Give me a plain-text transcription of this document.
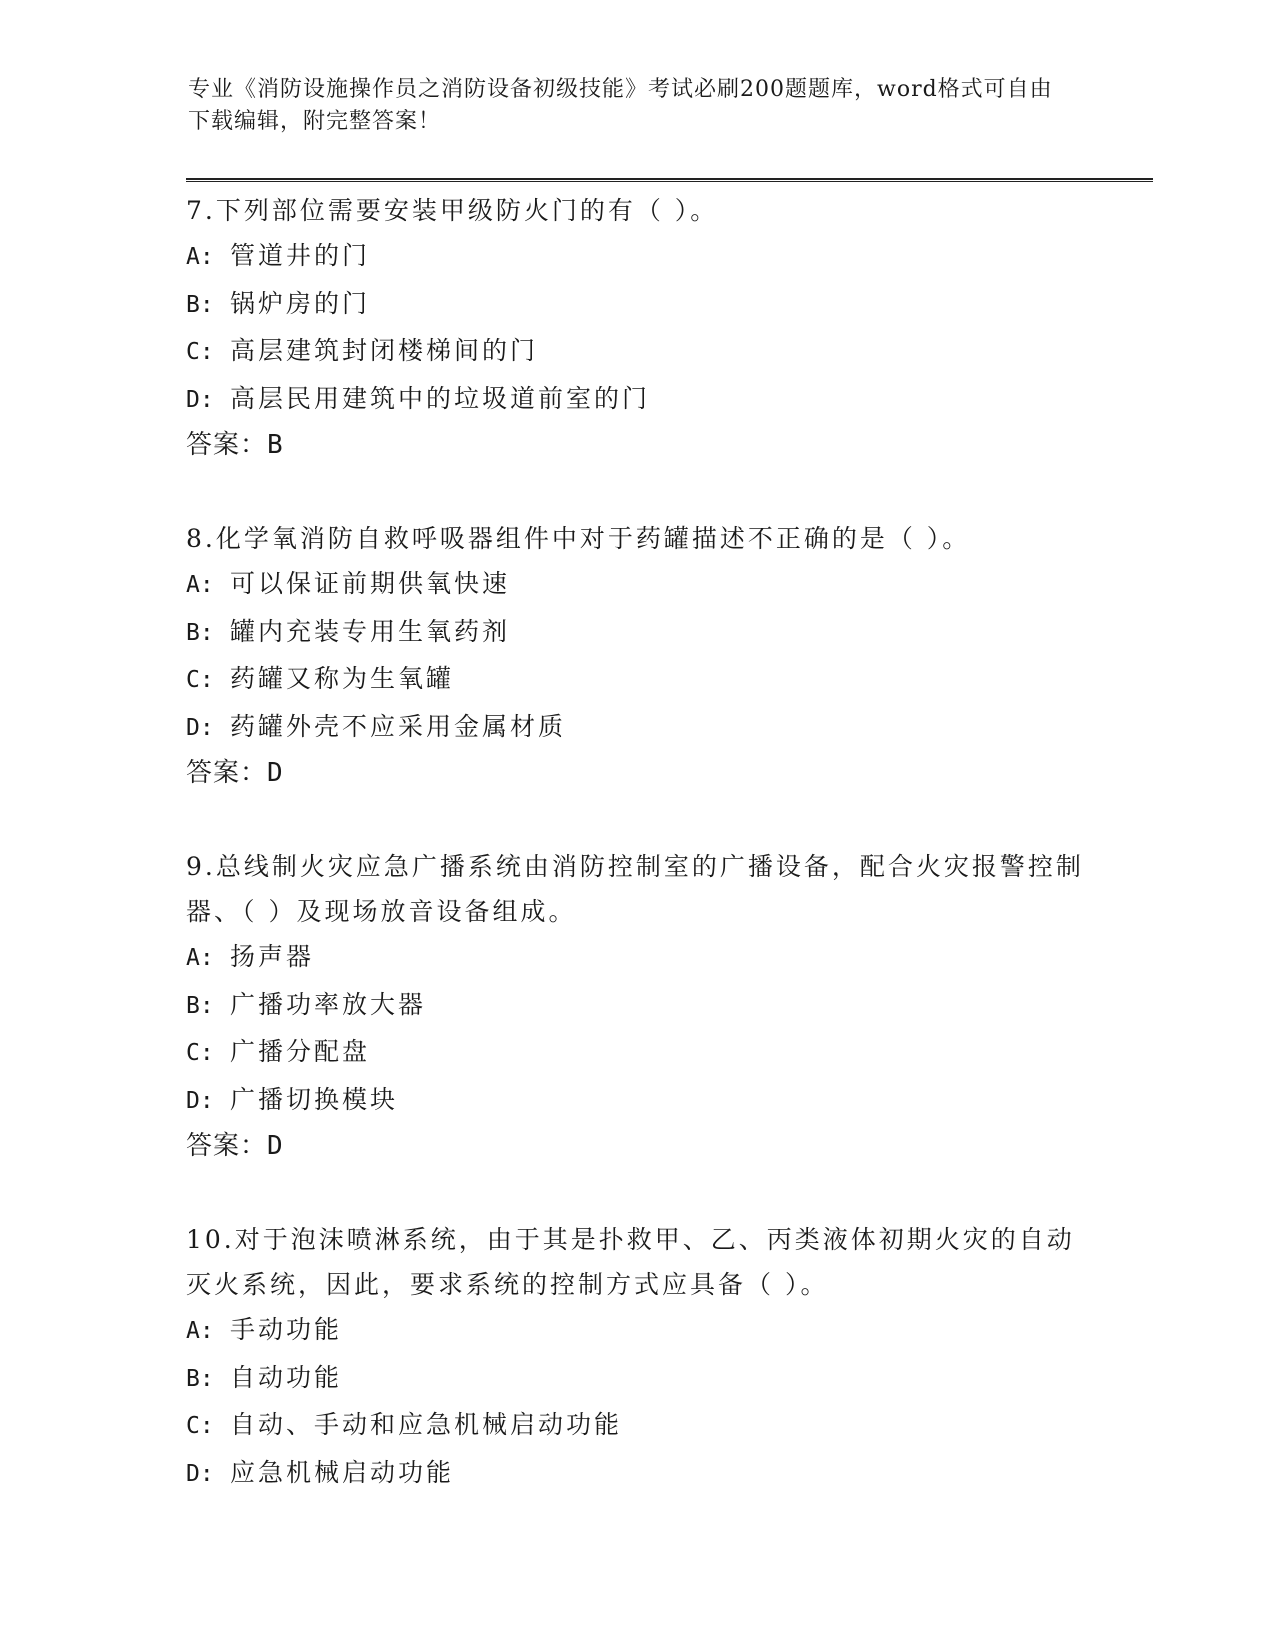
专业《消防设施操作员之消防设备初级技能》考试必刷200题题库，word格式可自由下载编辑，附完整答案！

7.下列部位需要安装甲级防火门的有（ ）。

A: 管道井的门

B: 锅炉房的门

C: 高层建筑封闭楼梯间的门

D: 高层民用建筑中的垃圾道前室的门

答案：B

8.化学氧消防自救呼吸器组件中对于药罐描述不正确的是（ ）。

A: 可以保证前期供氧快速

B: 罐内充装专用生氧药剂

C: 药罐又称为生氧罐

D: 药罐外壳不应采用金属材质

答案：D

9.总线制火灾应急广播系统由消防控制室的广播设备，配合火灾报警控制器、（ ）及现场放音设备组成。

A: 扬声器

B: 广播功率放大器

C: 广播分配盘

D: 广播切换模块

答案：D

10.对于泡沫喷淋系统，由于其是扑救甲、乙、丙类液体初期火灾的自动灭火系统，因此，要求系统的控制方式应具备（ ）。

A: 手动功能

B: 自动功能

C: 自动、手动和应急机械启动功能

D: 应急机械启动功能
